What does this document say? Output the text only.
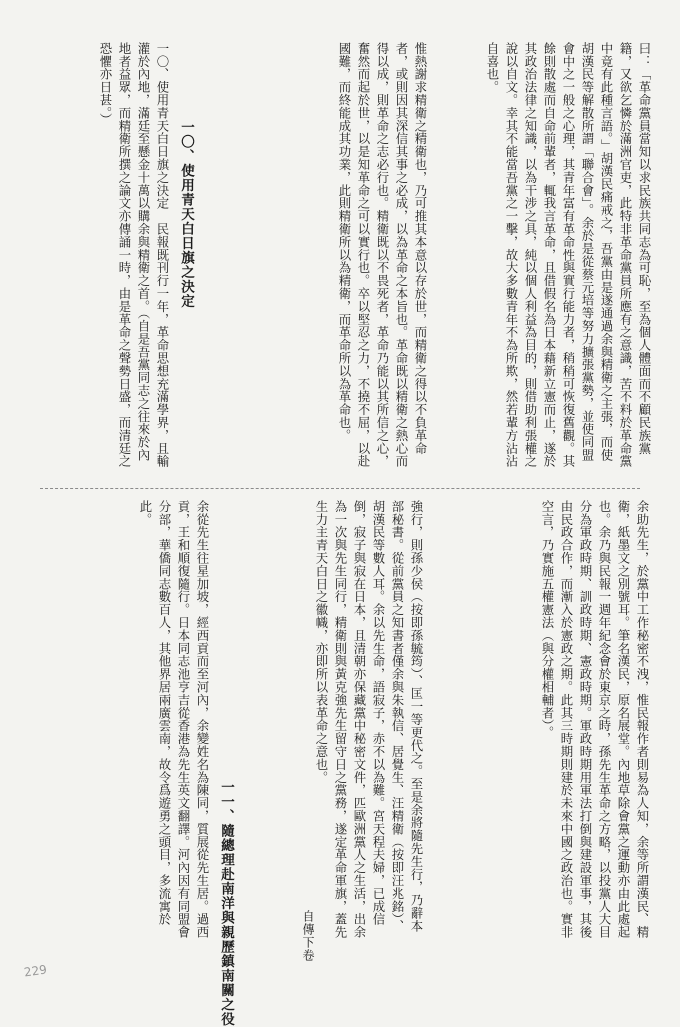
曰：「革命黨員當知以求民族共同志為可恥，至為個人體面而不顧民族黨籍，又欲乞憐於滿洲官吏，此特非革命黨員所應有之意識，苦不料於革命黨中竟有此種言語。」胡漢民痛戒之，吾黨由是遂通過余與精衛之主張，而使胡漢民等解散所謂「聯合會」。余於是從蔡元培等努力擴張黨勢，並使同盟會中之一般之心理，其青年富有革命性與實行能力者，稍稍可恢復舊觀。其餘則散處而自命前輩者，輒我言革命，且借假名為日本藉新立憲而止，遂於其政治法律之知識，以為干涉之具，純以個人利益為目的，則借助利張權之說以自文。幸其不能當吾黨之一擊，故大多數青年不為所欺，然若輩方沾沾自喜也。
惟熱謝求精衛之精衛也，乃可推其本意以存於世，而精衛之得以不負革命者，或則因其深信其事之必成，以為革命之本旨也。革命既以精衛之熱心而得以成，則革命之志必行也。精衛既以不畏死者，革命乃能以其所信之心，奮然而起於世，以是知革命之可以實行也。卒以堅忍之力，不撓不屈，以赴國難，而終能成其功業，此則精衛所以為精衛，而革命所以為革命也。
一〇、使用青天白日旗之決定
一〇、使用青天白日旗之決定　民報既刊行一年，革命思想充滿學界，且輸灌於內地，滿廷至懸金十萬以購余與精衛之首。（自是吾黨同志之往來於內地者益眾，而精衛所撰之論文亦傳誦一時，由是革命之聲勢日盛，而清廷之恐懼亦日甚。）
余助先生，於黨中工作秘密不洩，惟民報作者則易為人知，余等所謂漢民、精衛，紙墨文之別號耳。筆名漢民，原名展堂。內地草除會黨之運動亦由此處起也。余乃與民報一週年紀念會於東京之時，孫先生革命之方略，以投黨人大目分為軍政時期、訓政時期、憲政時期。軍政時期用軍法打倒與建設軍事，其後由民政合作，而漸入於憲政之期。此其三時期則建於未來中國之政治也。實非空言，乃實施五權憲法（與分權相輔者）。
強行，則孫少侯（按即孫毓筠）、匡一等更代之。至是余將隨先生行，乃辭本部秘書。從前黨員之知書者僅余與朱執信、居覺生、汪精衛（按即汪兆銘）、胡漢民等數人耳。余以先生命，語寂子，赤不以為難。宮天程夫婦，已成信倒，寂子與寂在日本，且清朝亦保藏黨中秘密文件，匹歐洲黨人之生活，出余為一次與先生同行，精衛則與黃克強先生留守日之黨務，遂定革命軍旗，蓋先生力主青天白日之徽幟，亦即所以表革命之意也。
一一、隨總理赴南洋與親歷鎮南關之役
余從先生往星加坡，經西貢而至河內，余變姓名為陳同，質展從先生居。過西貢，王和順復隨行。日本同志池亨吉從香港為先生英文翻譯。河內因有同盟會分部，華僑同志數百人，其他界居兩廣雲南，故令爲遊勇之頭目，多流寓於此。
自傳下卷
229
